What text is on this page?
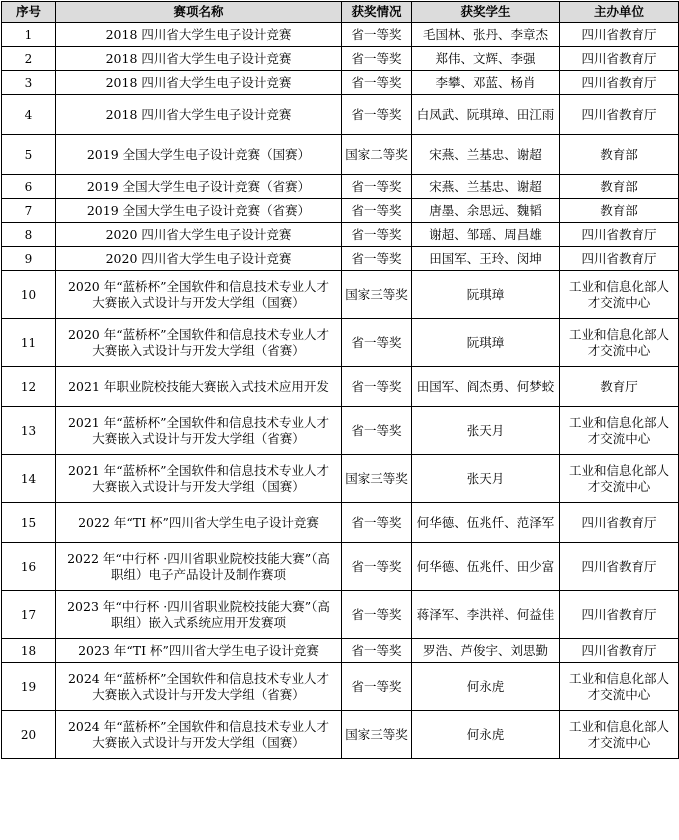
序号	赛项名称	获奖情况	获奖学生	主办单位
1	2018 四川省大学生电子设计竞赛	省一等奖	毛国林、张丹、李章杰	四川省教育厅
2	2018 四川省大学生电子设计竞赛	省一等奖	郑伟、文辉、李强	四川省教育厅
3	2018 四川省大学生电子设计竞赛	省一等奖	李攀、邓蓝、杨肖	四川省教育厅
4	2018 四川省大学生电子设计竞赛	省一等奖	白凤武、阮琪璋、田江雨	四川省教育厅
5	2019 全国大学生电子设计竞赛（国赛）	国家二等奖	宋燕、兰基忠、谢超	教育部
6	2019 全国大学生电子设计竞赛（省赛）	省一等奖	宋燕、兰基忠、谢超	教育部
7	2019 全国大学生电子设计竞赛（省赛）	省一等奖	唐墨、余思远、魏韬	教育部
8	2020 四川省大学生电子设计竞赛	省一等奖	谢超、邹瑶、周昌雄	四川省教育厅
9	2020 四川省大学生电子设计竞赛	省一等奖	田国军、王玲、闵坤	四川省教育厅
10	2020 年“蓝桥杯”全国软件和信息技术专业人才大赛嵌入式设计与开发大学组（国赛）	国家三等奖	阮琪璋	工业和信息化部人才交流中心
11	2020 年“蓝桥杯”全国软件和信息技术专业人才大赛嵌入式设计与开发大学组（省赛）	省一等奖	阮琪璋	工业和信息化部人才交流中心
12	2021 年职业院校技能大赛嵌入式技术应用开发	省一等奖	田国军、阎杰勇、何梦蛟	教育厅
13	2021 年“蓝桥杯”全国软件和信息技术专业人才大赛嵌入式设计与开发大学组（省赛）	省一等奖	张天月	工业和信息化部人才交流中心
14	2021 年“蓝桥杯”全国软件和信息技术专业人才大赛嵌入式设计与开发大学组（国赛）	国家三等奖	张天月	工业和信息化部人才交流中心
15	2022 年“TI 杯”四川省大学生电子设计竞赛	省一等奖	何华德、伍兆仟、范泽军	四川省教育厅
16	2022 年“中行杯 ·四川省职业院校技能大赛”（高职组）电子产品设计及制作赛项	省一等奖	何华德、伍兆仟、田少富	四川省教育厅
17	2023 年“中行杯 ·四川省职业院校技能大赛”（高职组）嵌入式系统应用开发赛项	省一等奖	蒋泽军、李洪祥、何益佳	四川省教育厅
18	2023 年“TI 杯”四川省大学生电子设计竞赛	省一等奖	罗浩、芦俊宇、刘思勤	四川省教育厅
19	2024 年“蓝桥杯”全国软件和信息技术专业人才大赛嵌入式设计与开发大学组（省赛）	省一等奖	何永虎	工业和信息化部人才交流中心
20	2024 年“蓝桥杯”全国软件和信息技术专业人才大赛嵌入式设计与开发大学组（国赛）	国家三等奖	何永虎	工业和信息化部人才交流中心
